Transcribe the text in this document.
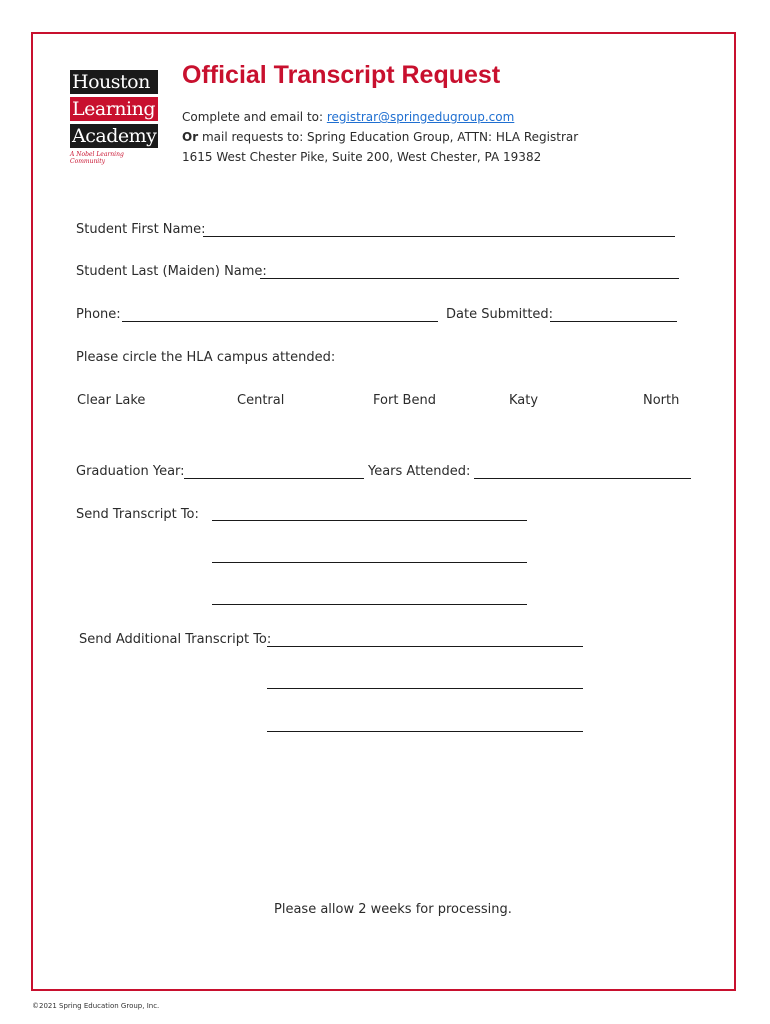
Houston
Learning
Academy
A Nobel Learning Community
Official Transcript Request
Complete and email to: registrar@springedugroup.com
Or mail requests to: Spring Education Group, ATTN: HLA Registrar
1615 West Chester Pike, Suite 200, West Chester, PA 19382
Student First Name:
Student Last (Maiden) Name:
Phone:	Date Submitted:
Please circle the HLA campus attended:
Clear Lake	Central	Fort Bend	Katy	North
Graduation Year:	Years Attended:
Send Transcript To:
Send Additional Transcript To:
Please allow 2 weeks for processing.
©2021 Spring Education Group, Inc.
